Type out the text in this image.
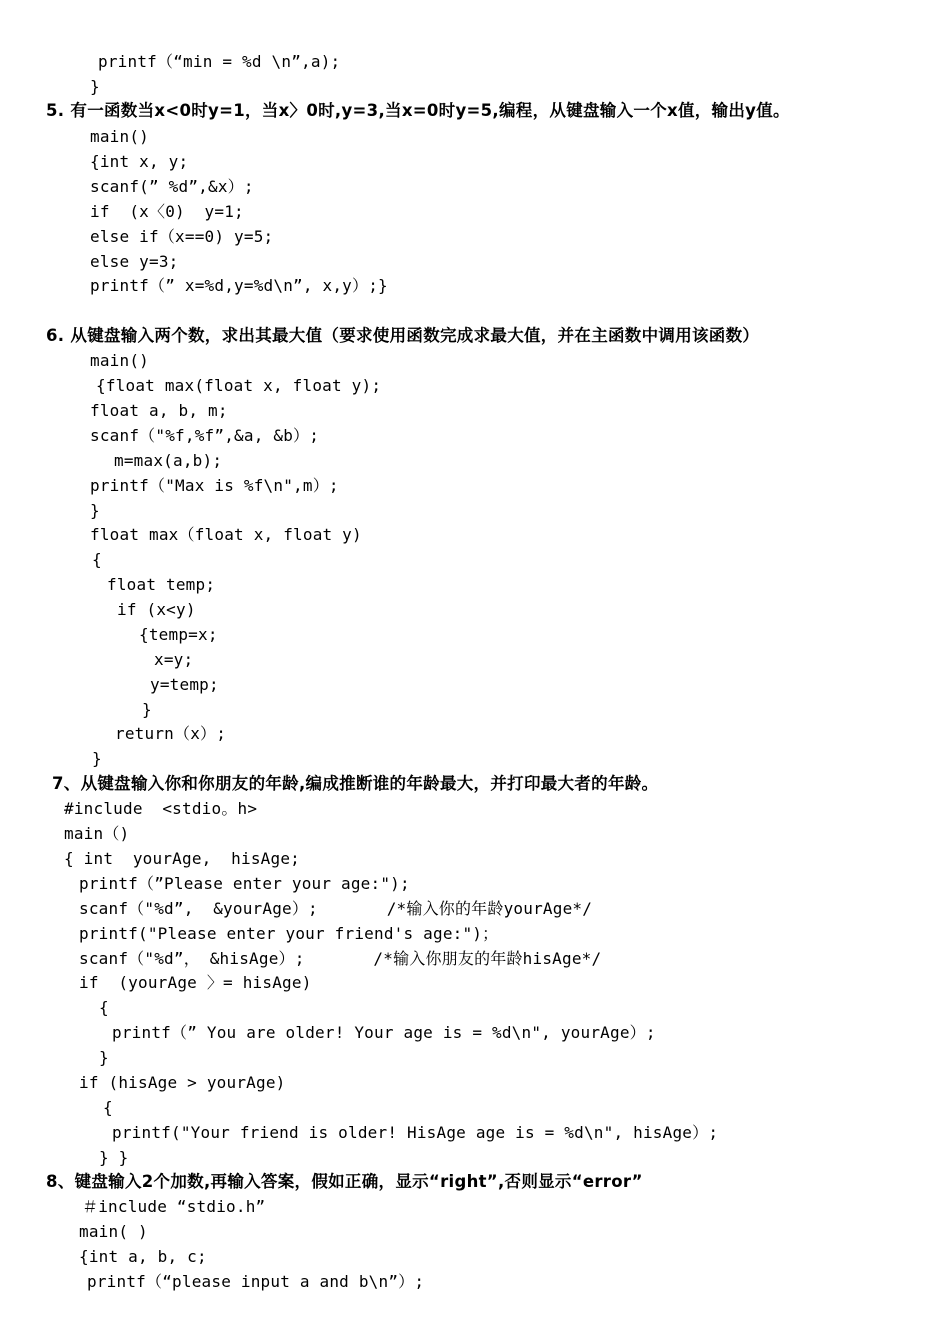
printf（“min = %d \n”,a);
}
5. 有一函数当x<0时y=1，当x〉0时,y=3,当x=0时y=5,编程，从键盘输入一个x值，输出y值。
main()
{int x, y;
scanf(” %d”,&x）;
if  (x〈0)  y=1;
else if（x==0) y=5;
else y=3;
printf（” x=%d,y=%d\n”, x,y）;}
6. 从键盘输入两个数，求出其最大值（要求使用函数完成求最大值，并在主函数中调用该函数）
main()
{float max(float x, float y);
float a, b, m;
scanf（"%f,%f”,&a, &b）;
m=max(a,b);
printf（"Max is %f\n",m）;
}
float max（float x, float y)
{
float temp;
if (x<y)
{temp=x;
x=y;
y=temp;
}
return（x）;
}
7、从键盘输入你和你朋友的年龄,编成推断谁的年龄最大，并打印最大者的年龄。
#include  <stdio。h>
main（)
{ int  yourAge,  hisAge;
printf（”Please enter your age:");
scanf（"%d”,  &yourAge）;       /*输入你的年龄yourAge*/
printf("Please enter your friend's age:")；
scanf（"%d”， &hisAge）;       /*输入你朋友的年龄hisAge*/
if  (yourAge 〉= hisAge)
{
printf（” You are older! Your age is = %d\n", yourAge）;
}
if (hisAge > yourAge)
{
printf("Your friend is older! HisAge age is = %d\n", hisAge）;
} }
8、键盘输入2个加数,再输入答案，假如正确，显示“right”,否则显示“error”
＃include “stdio.h”
main( )
{int a, b, c;
printf（“please input a and b\n”）;
